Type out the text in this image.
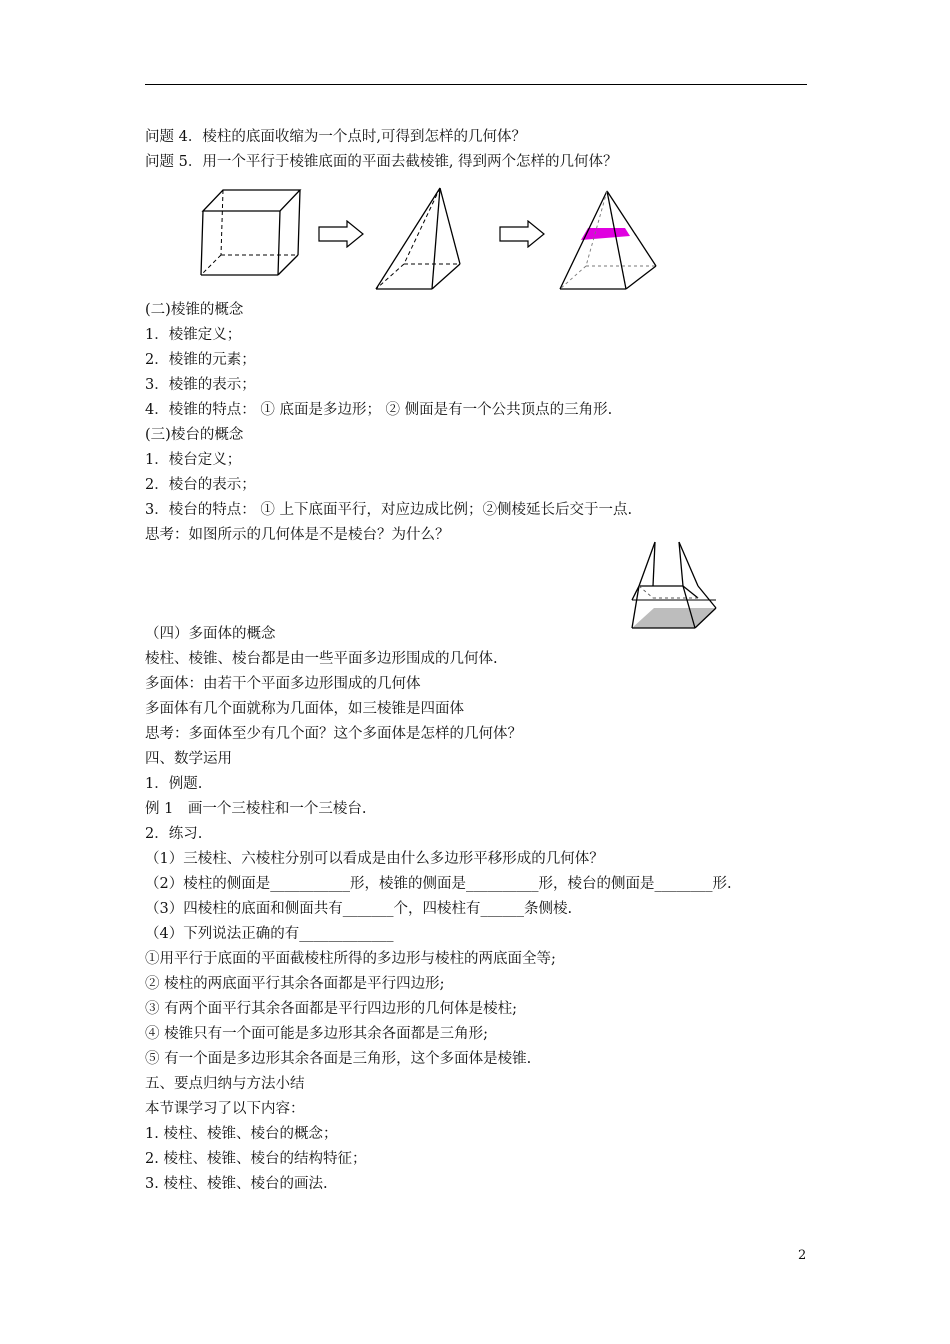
问题 4．棱柱的底面收缩为一个点时,可得到怎样的几何体？
问题 5．用一个平行于棱锥底面的平面去截棱锥, 得到两个怎样的几何体？
(二)棱锥的概念
1．棱锥定义；
2．棱锥的元素；
3．棱锥的表示；
4．棱锥的特点： ① 底面是多边形； ② 侧面是有一个公共顶点的三角形.
(三)棱台的概念
1．棱台定义；
2．棱台的表示；
3．棱台的特点： ① 上下底面平行，对应边成比例；②侧棱延长后交于一点.
思考：如图所示的几何体是不是棱台？为什么？
（四）多面体的概念
棱柱、棱锥、棱台都是由一些平面多边形围成的几何体.
多面体：由若干个平面多边形围成的几何体
多面体有几个面就称为几面体，如三棱锥是四面体
思考：多面体至少有几个面？这个多面体是怎样的几何体？
四、数学运用
1．例题.
例 1　画一个三棱柱和一个三棱台.
2．练习.
（1）三棱柱、六棱柱分别可以看成是由什么多边形平移形成的几何体？
（2）棱柱的侧面是___________形，棱锥的侧面是__________形，棱台的侧面是________形.
（3）四棱柱的底面和侧面共有_______个，四棱柱有______条侧棱.
（4）下列说法正确的有_____________
①用平行于底面的平面截棱柱所得的多边形与棱柱的两底面全等;
② 棱柱的两底面平行其余各面都是平行四边形;
③ 有两个面平行其余各面都是平行四边形的几何体是棱柱;
④ 棱锥只有一个面可能是多边形其余各面都是三角形;
⑤ 有一个面是多边形其余各面是三角形，这个多面体是棱锥.
五、要点归纳与方法小结
本节课学习了以下内容：
1. 棱柱、棱锥、棱台的概念；
2. 棱柱、棱锥、棱台的结构特征；
3. 棱柱、棱锥、棱台的画法.
2
